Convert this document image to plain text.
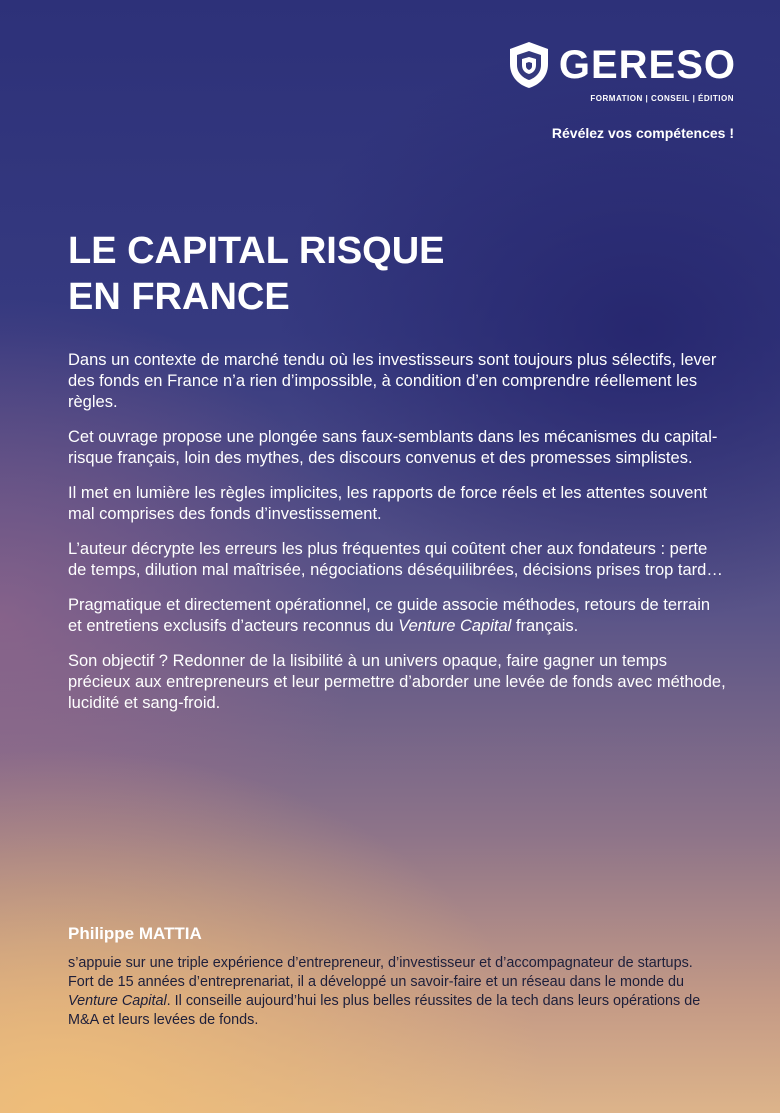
GERESO
FORMATION | CONSEIL | ÉDITION
Révélez vos compétences !
LE CAPITAL RISQUE
EN FRANCE

Dans un contexte de marché tendu où les investisseurs sont toujours plus sélectifs, lever des fonds en France n’a rien d’impossible, à condition d’en comprendre réellement les règles.

Cet ouvrage propose une plongée sans faux-semblants dans les mécanismes du capital-risque français, loin des mythes, des discours convenus et des promesses simplistes.

Il met en lumière les règles implicites, les rapports de force réels et les attentes souvent mal comprises des fonds d’investissement.

L’auteur décrypte les erreurs les plus fréquentes qui coûtent cher aux fondateurs : perte de temps, dilution mal maîtrisée, négociations déséquilibrées, décisions prises trop tard…

Pragmatique et directement opérationnel, ce guide associe méthodes, retours de terrain et entretiens exclusifs d’acteurs reconnus du Venture Capital français.

Son objectif ? Redonner de la lisibilité à un univers opaque, faire gagner un temps précieux aux entrepreneurs et leur permettre d’aborder une levée de fonds avec méthode, lucidité et sang-froid.

Philippe MATTIA

s’appuie sur une triple expérience d’entrepreneur, d’investisseur et d’accompagnateur de startups. Fort de 15 années d’entreprenariat, il a développé un savoir-faire et un réseau dans le monde du Venture Capital. Il conseille aujourd’hui les plus belles réussites de la tech dans leurs opérations de M&A et leurs levées de fonds.
